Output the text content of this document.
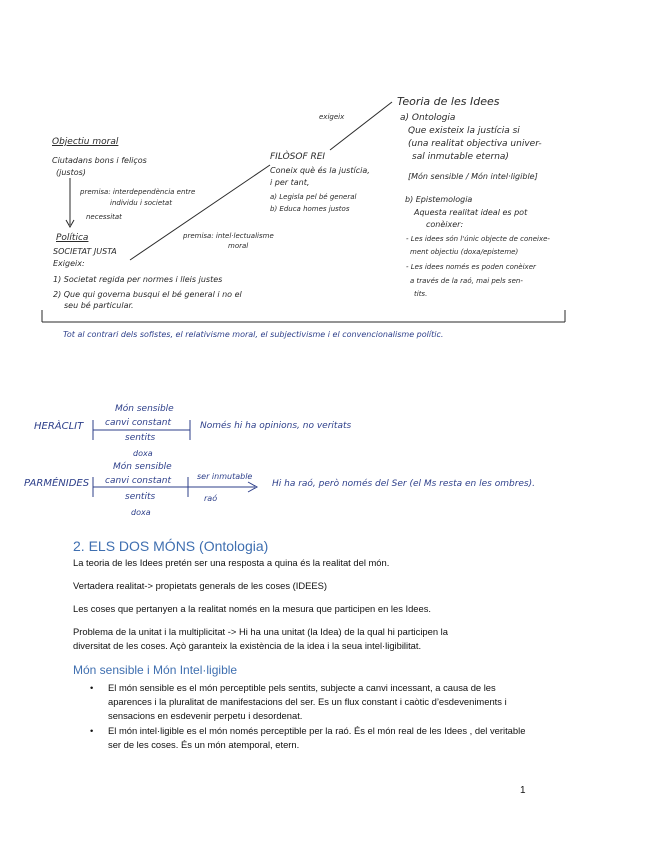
Objectiu moral
Ciutadans bons i feliços
(justos)
premisa: interdependència entre
individu i societat
necessitat
Política
SOCIETAT JUSTA
Exigeix:
1) Societat regida per normes i lleis justes
2) Que qui governa busqui el bé general i no el
seu bé particular.
premisa: intel·lectualisme
moral
FILÒSOF REI
Coneix què és la justícia,
i per tant,
a) Legisla pel bé general
b) Educa homes justos
exigeix
Teoria de les Idees
a) Ontologia
Que existeix la justícia si
(una realitat objectiva univer-
sal inmutable eterna)
[Món sensible / Món intel·ligible]
b) Epistemologia
Aquesta realitat ideal es pot
conèixer:
- Les idees són l'únic objecte de coneixe-
ment objectiu (doxa/episteme)
- Les idees només es poden conèixer
a través de la raó, mai pels sen-
tits.
Tot al contrari dels sofistes, el relativisme moral, el subjectivisme i el convencionalisme polític.
HERÀCLIT
Món sensible
canvi constant
sentits
doxa
Només hi ha opinions, no veritats
PARMÉNIDES
Món sensible
canvi constant
sentits
doxa
ser inmutable
raó
Hi ha raó, però només del Ser (el Ms resta en les ombres).
2. ELS DOS MÓNS (Ontologia)
La teoria de les Idees pretén ser una resposta a quina és la realitat del món.
Vertadera realitat-> propietats generals de les coses (IDEES)
Les coses que pertanyen a la realitat només en la mesura que participen en les Idees.
Problema de la unitat i la multiplicitat -> Hi ha una unitat (la Idea) de la qual hi participen la
diversitat de les coses. Açò garanteix la existència de la idea i la seua intel·ligibilitat.
Món sensible i Món Intel·ligible
• El món sensible es el món perceptible pels sentits, subjecte a canvi incessant, a causa de les aparences i la pluralitat de manifestacions del ser. Es un flux constant i caòtic d’esdeveniments i sensacions en esdevenir perpetu i desordenat.
• El món intel·ligible es el món només perceptible per la raó. És el món real de les Idees , del veritable ser de les coses. És un món atemporal, etern.
1
